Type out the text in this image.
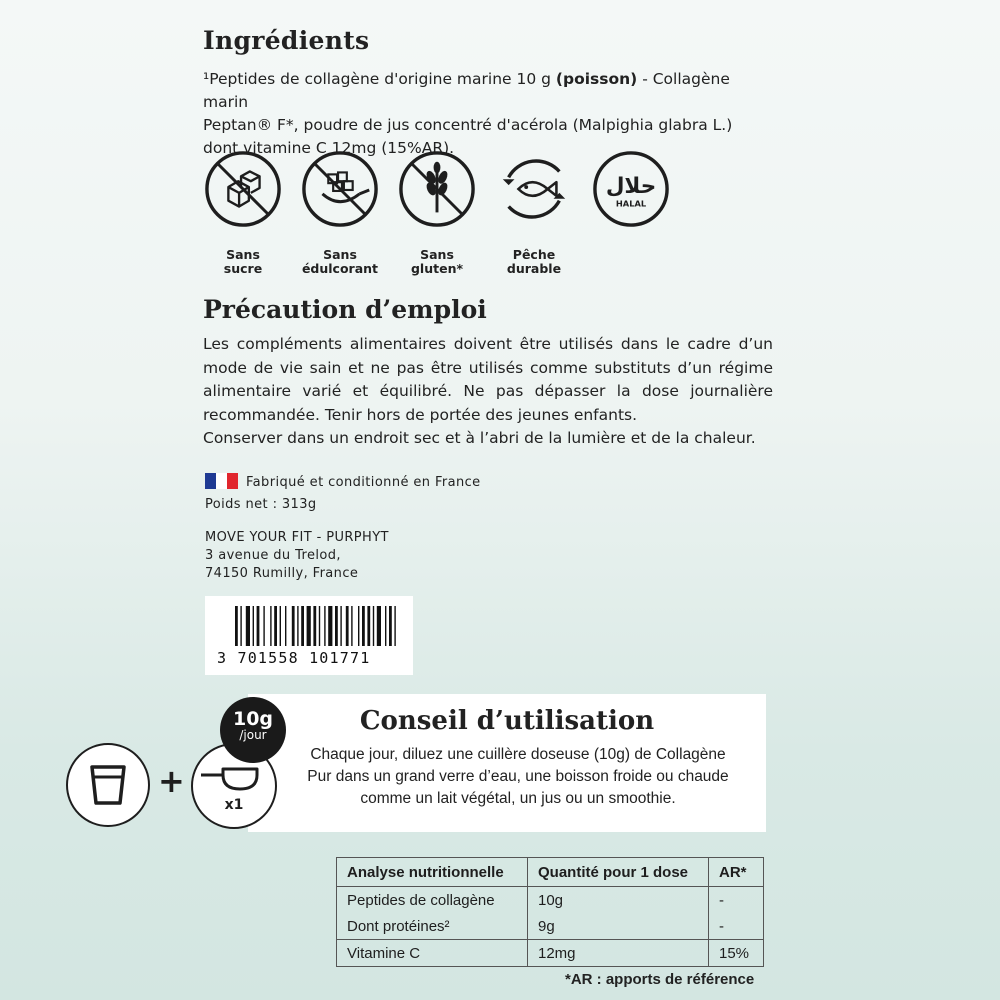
Ingrédients
¹Peptides de collagène d'origine marine 10 g (poisson) - Collagène marin
Peptan® F*, poudre de jus concentré d'acérola (Malpighia glabra L.)
dont vitamine C 12mg (15%AR).
Sans
sucre
Sans
édulcorant
Sans
gluten*
Pêche
durable
حلال
HALAL
Précaution d’emploi

Les compléments alimentaires doivent être utilisés dans le cadre d’un mode de vie sain et ne pas être utilisés comme substituts d’un régime alimentaire varié et équilibré. Ne pas dépasser la dose journalière recommandée. Tenir hors de portée des jeunes enfants.

Conserver dans un endroit sec et à l’abri de la lumière et de la chaleur.

Fabriqué et conditionné en France
Poids net : 313g
MOVE YOUR FIT - PURPHYT
3 avenue du Trelod,
74150 Rumilly, France
3 701558 101771
Conseil d’utilisation
Chaque jour, diluez une cuillère doseuse (10g) de Collagène
Pur dans un grand verre d’eau, une boisson froide ou chaude
comme un lait végétal, un jus ou un smoothie.
+
x1
10g
/jour
Analyse nutritionnelle	Quantité pour 1 dose	AR*
Peptides de collagène	10g	-
Dont protéines²	9g	-
Vitamine C	12mg	15%
*AR : apports de référence
